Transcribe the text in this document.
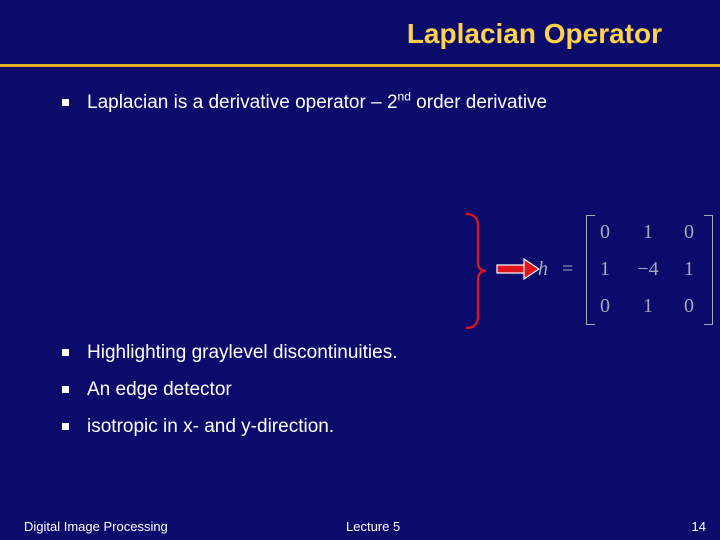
Laplacian Operator
Laplacian is a derivative operator – 2nd order derivative
h =
0	1	0
1	−4	1
0	1	0
Highlighting graylevel discontinuities.
An edge detector
isotropic in x- and y-direction.
Digital Image Processing	Lecture 5	14
